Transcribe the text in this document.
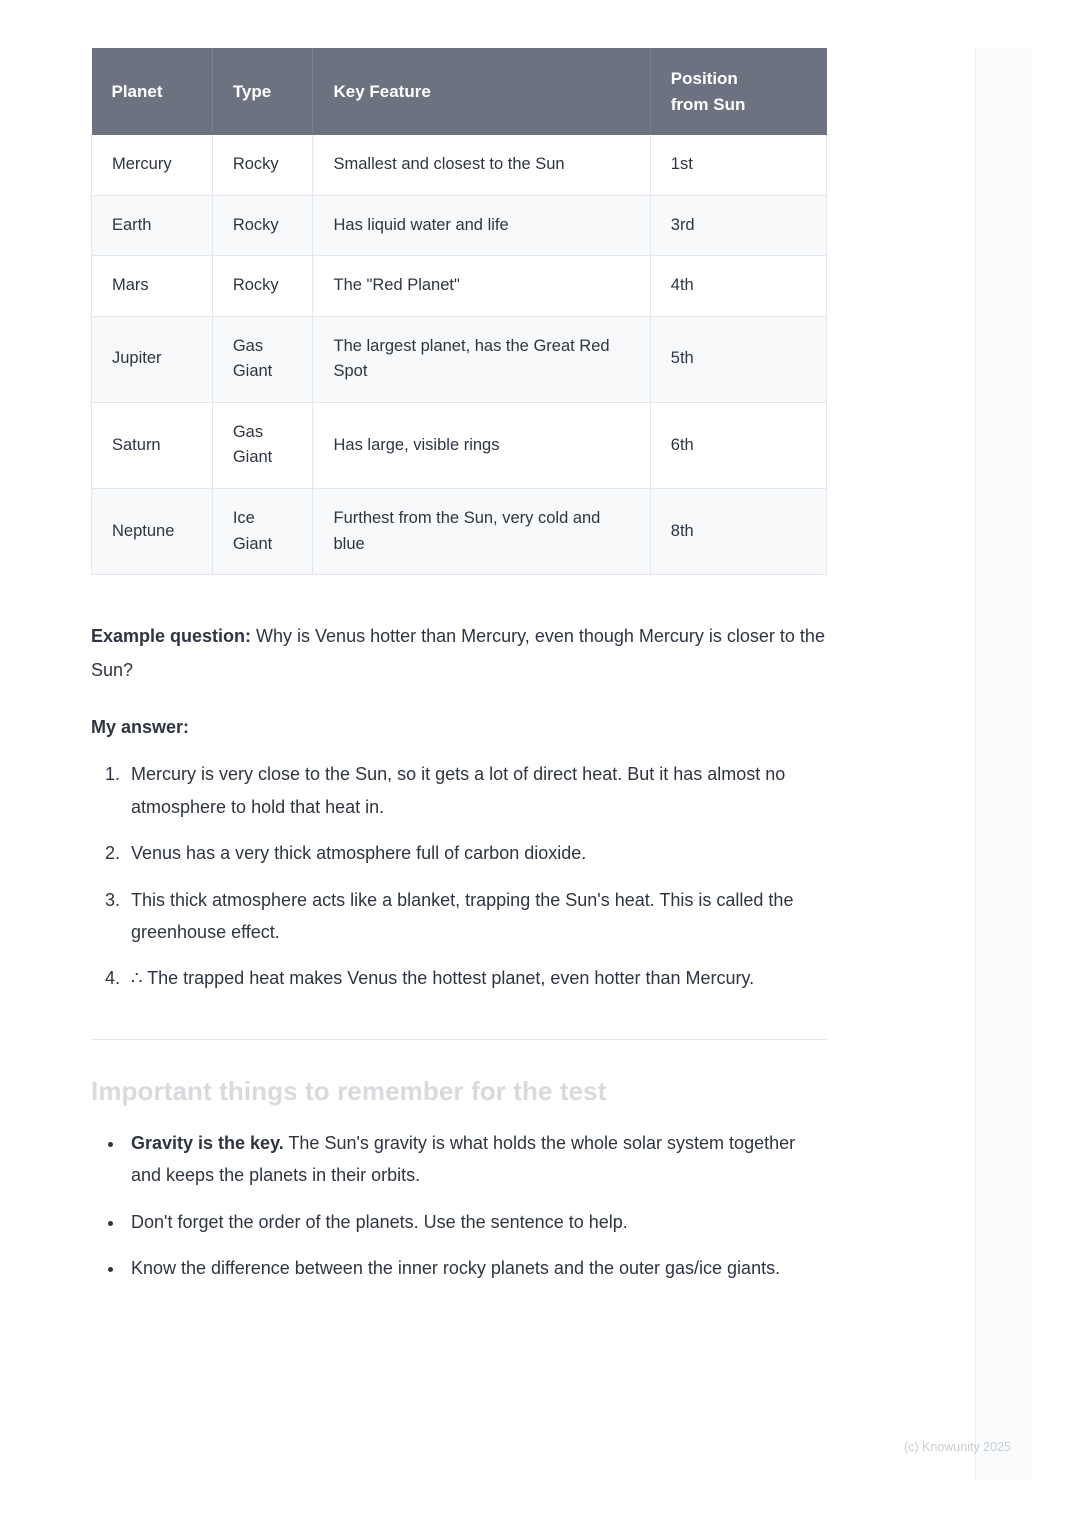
Planet	Type	Key Feature	Position
from Sun
Mercury	Rocky	Smallest and closest to the Sun	1st
Earth	Rocky	Has liquid water and life	3rd
Mars	Rocky	The "Red Planet"	4th
Jupiter	Gas Giant	The largest planet, has the Great Red Spot	5th
Saturn	Gas Giant	Has large, visible rings	6th
Neptune	Ice Giant	Furthest from the Sun, very cold and blue	8th

Example question: Why is Venus hotter than Mercury, even though Mercury is closer to the Sun?

My answer:

1. Mercury is very close to the Sun, so it gets a lot of direct heat. But it has almost no atmosphere to hold that heat in.
2. Venus has a very thick atmosphere full of carbon dioxide.
3. This thick atmosphere acts like a blanket, trapping the Sun's heat. This is called the greenhouse effect.
4. ∴ The trapped heat makes Venus the hottest planet, even hotter than Mercury.
Important things to remember for the test
• Gravity is the key. The Sun's gravity is what holds the whole solar system together and keeps the planets in their orbits.
• Don't forget the order of the planets. Use the sentence to help.
• Know the difference between the inner rocky planets and the outer gas/ice giants.
(c) Knowunity 2025
